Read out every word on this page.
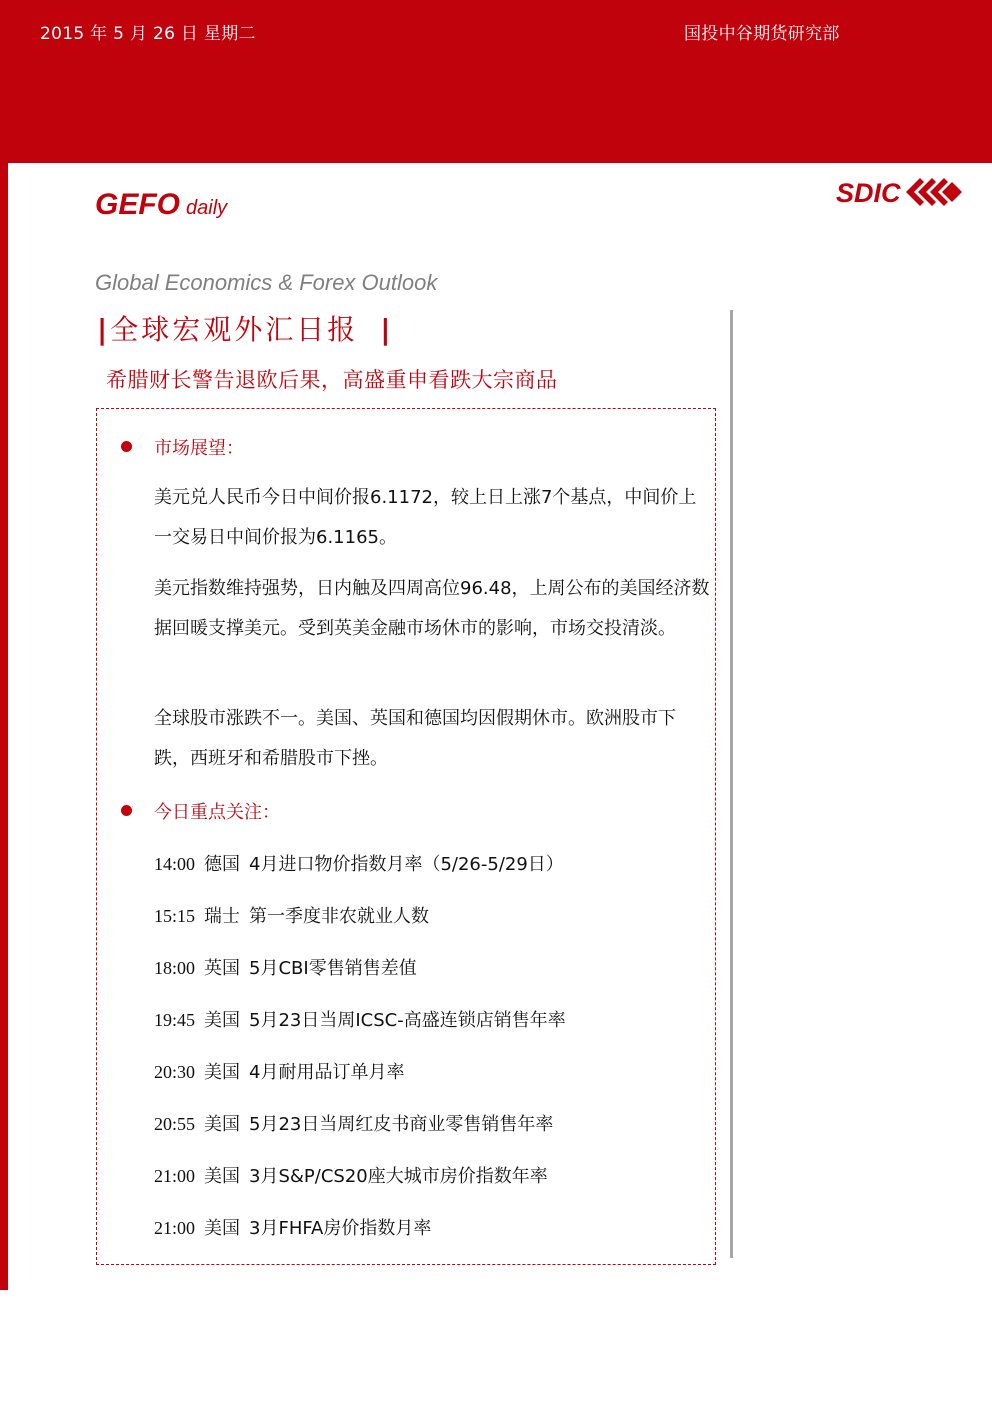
2015 年 5 月 26 日 星期二	国投中谷期货研究部
GEFO daily	SDIC
Global Economics & Forex Outlook
|全球宏观外汇日报 |
希腊财长警告退欧后果，高盛重申看跌大宗商品
市场展望：
美元兑人民币今日中间价报6.1172，较上日上涨7个基点，中间价上一交易日中间价报为6.1165。
美元指数维持强势，日内触及四周高位96.48，上周公布的美国经济数据回暖支撑美元。受到英美金融市场休市的影响，市场交投清淡。
全球股市涨跌不一。美国、英国和德国均因假期休市。欧洲股市下跌，西班牙和希腊股市下挫。
今日重点关注：
14:00 德国 4月进口物价指数月率（5/26-5/29日）
15:15 瑞士 第一季度非农就业人数
18:00 英国 5月CBI零售销售差值
19:45 美国 5月23日当周ICSC-高盛连锁店销售年率
20:30 美国 4月耐用品订单月率
20:55 美国 5月23日当周红皮书商业零售销售年率
21:00 美国 3月S&P/CS20座大城市房价指数年率
21:00 美国 3月FHFA房价指数月率
